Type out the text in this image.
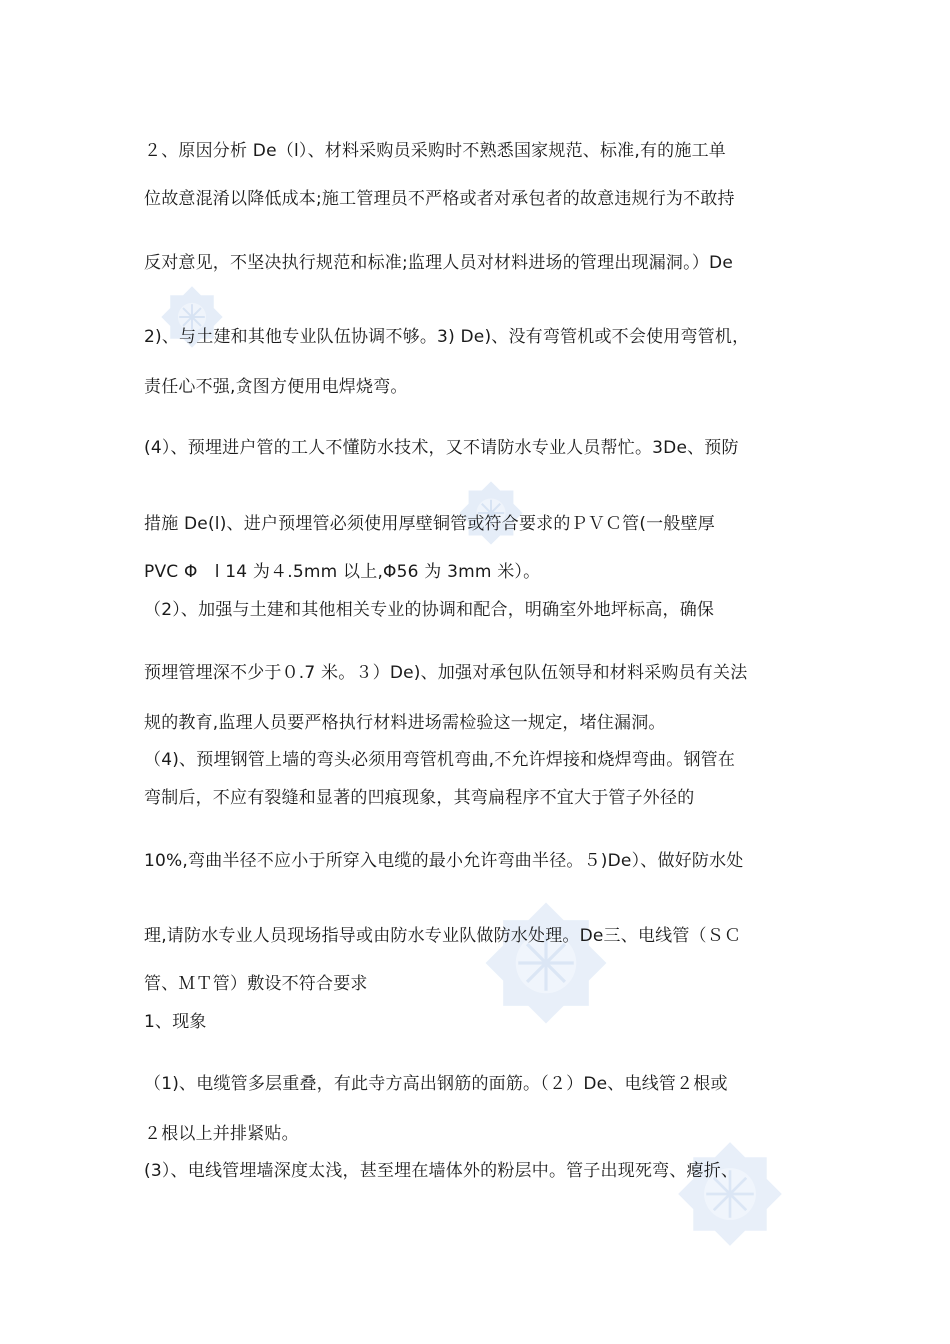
２、原因分析 De（l）、材料采购员采购时不熟悉国家规范、标准,有的施工单
位故意混淆以降低成本;施工管理员不严格或者对承包者的故意违规行为不敢持
反对意见，不坚决执行规范和标准;监理人员对材料进场的管理出现漏洞。）De
2)、与土建和其他专业队伍协调不够。3) De)、没有弯管机或不会使用弯管机，
责任心不强,贪图方便用电焊烧弯。
(4）、预埋进户管的工人不懂防水技术，又不请防水专业人员帮忙。3De、预防
措施 De(l)、进户预埋管必须使用厚壁铜管或符合要求的ＰＶＣ管(一般壁厚
PVC Φ　l 14 为４.5mm 以上,Φ56 为 3mm 米）。
（2）、加强与土建和其他相关专业的协调和配合，明确室外地坪标高，确保
预埋管埋深不少于０.7 米。３）De)、加强对承包队伍领导和材料采购员有关法
规的教育,监理人员要严格执行材料进场需检验这一规定，堵住漏洞。
（4)、预埋钢管上墙的弯头必须用弯管机弯曲,不允许焊接和烧焊弯曲。钢管在
弯制后，不应有裂缝和显著的凹痕现象，其弯扁程序不宜大于管子外径的
10%,弯曲半径不应小于所穿入电缆的最小允许弯曲半径。５)De）、做好防水处
理,请防水专业人员现场指导或由防水专业队做防水处理。De三、电线管（ＳＣ
管、ＭＴ管）敷设不符合要求
1、现象
（1)、电缆管多层重叠，有此寺方高出钢筋的面筋。（２）De、电线管２根或
２根以上并排紧贴。
(3）、电线管埋墙深度太浅，甚至埋在墙体外的粉层中。管子出现死弯、瘪折、
